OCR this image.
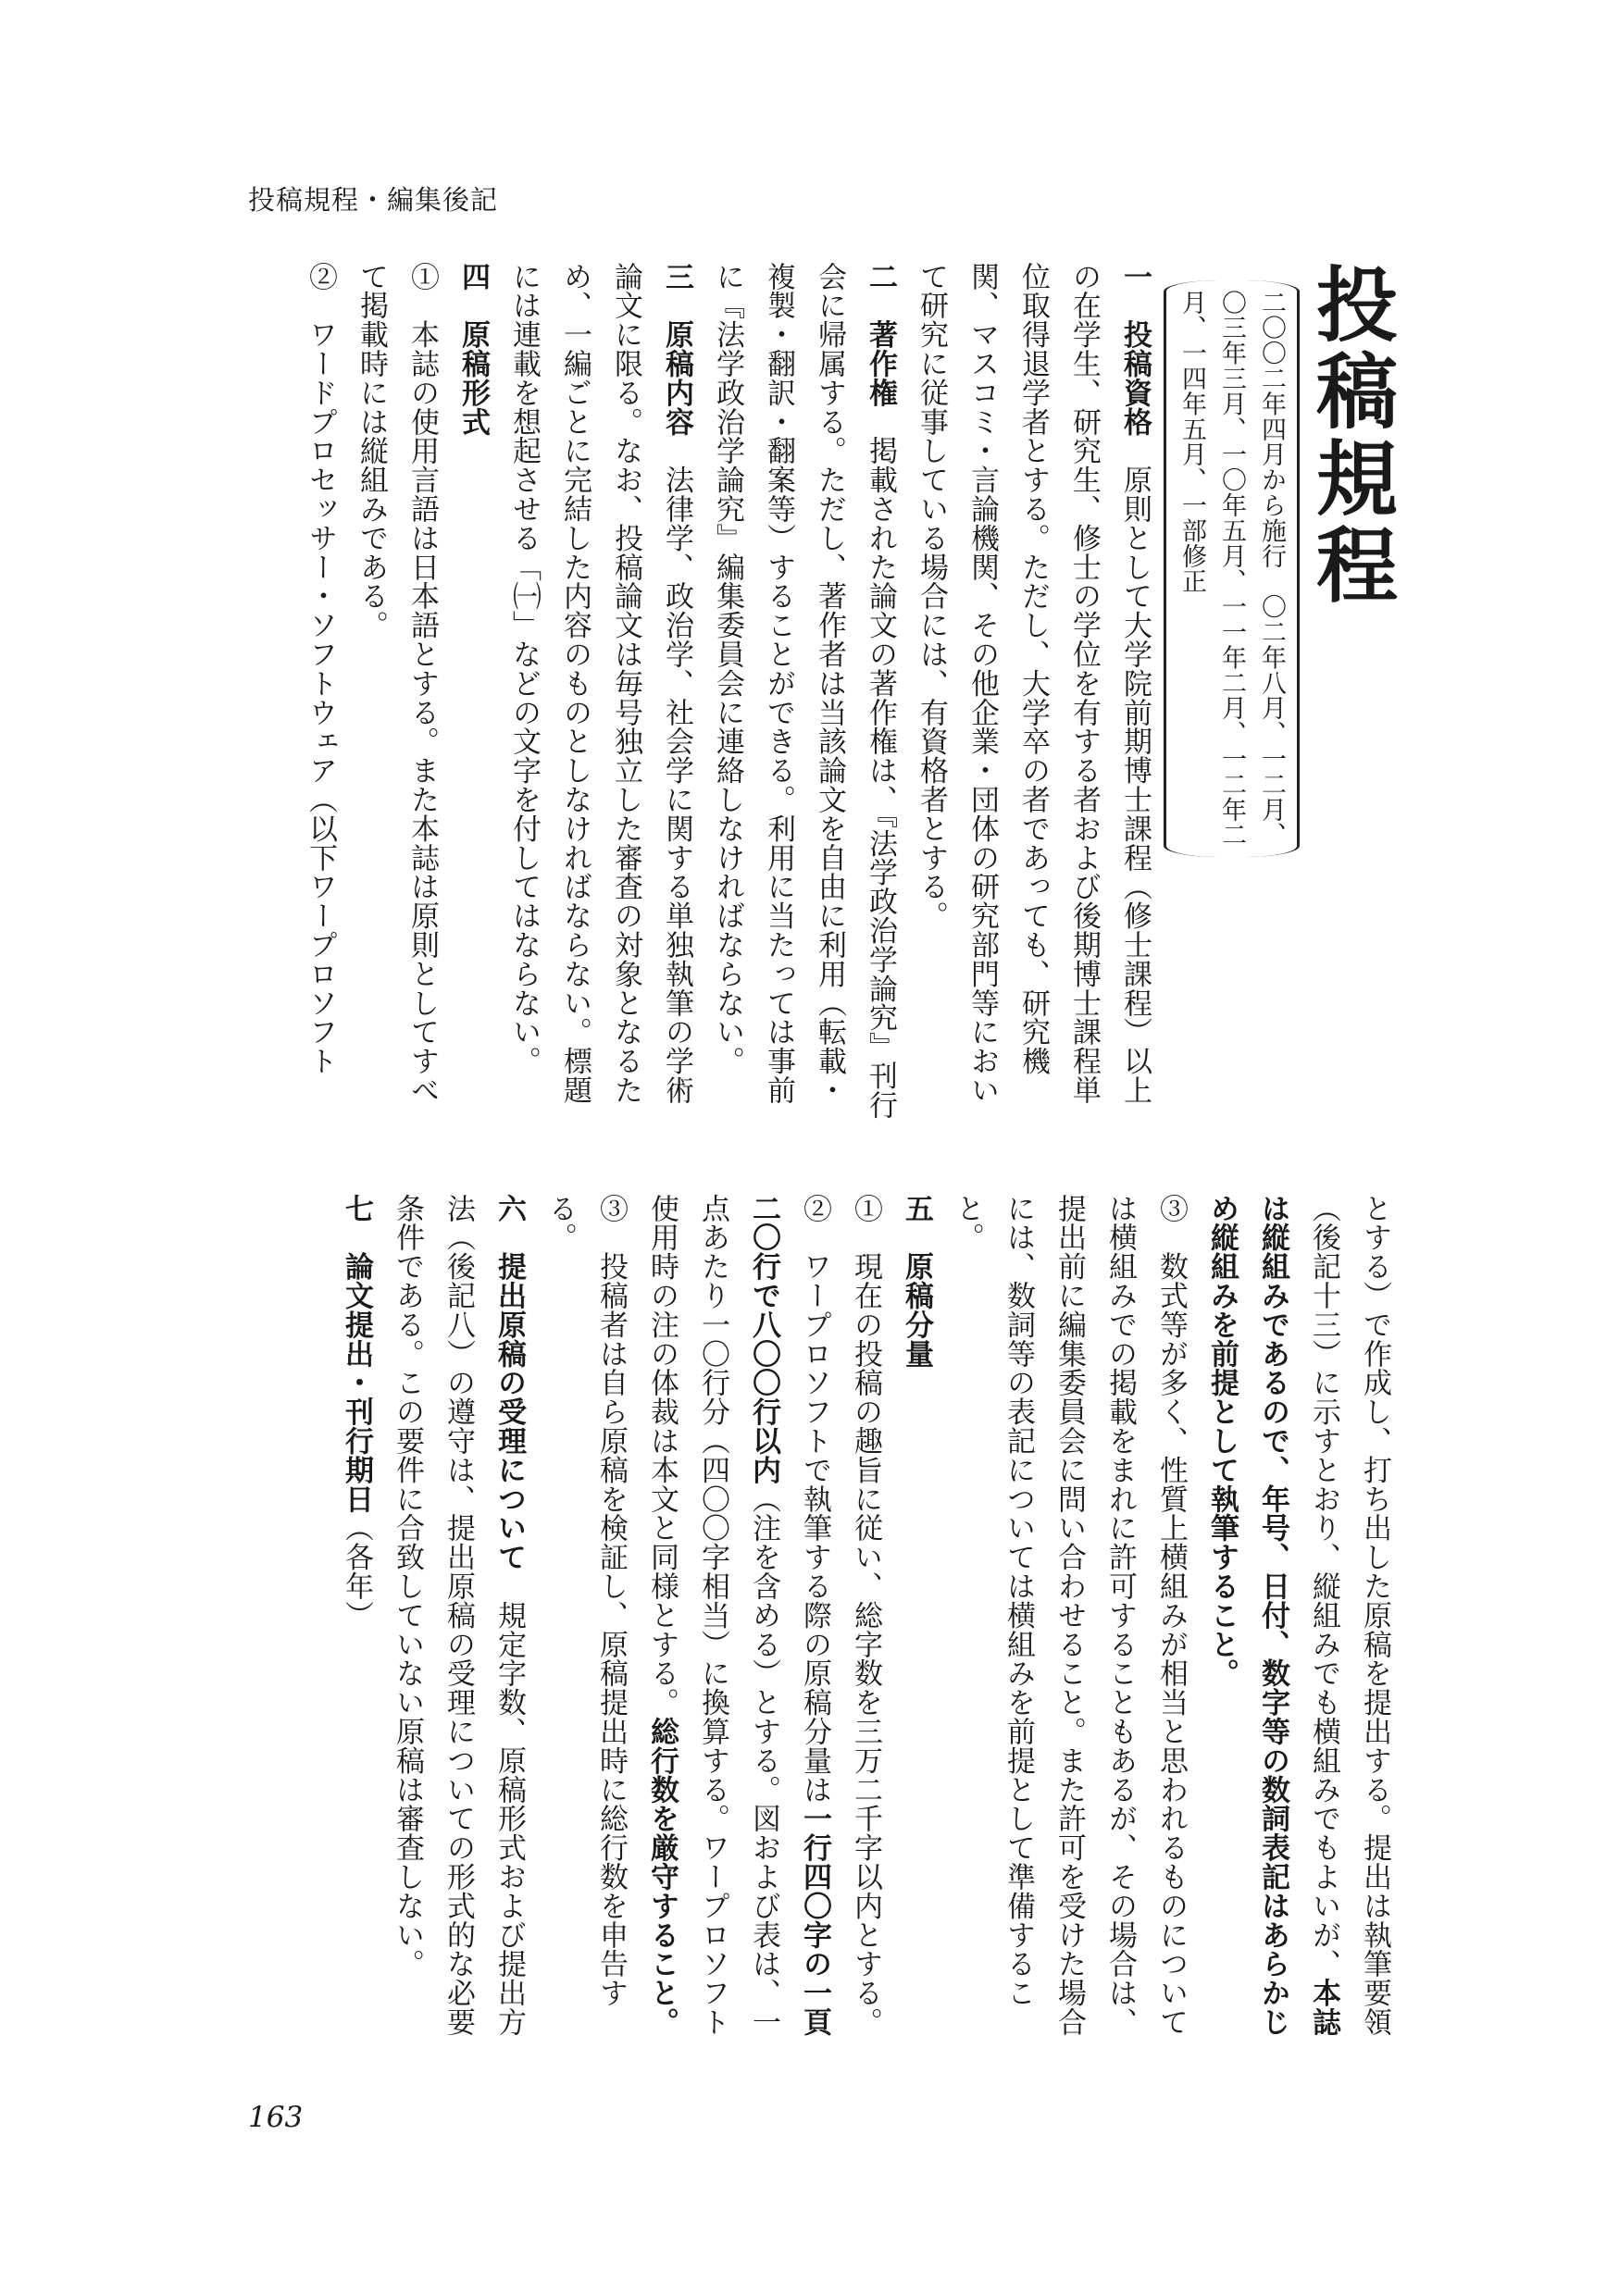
投稿規程・編集後記

投稿規程

二〇〇二年四月から施行　〇二年八月、一二月、

〇三年三月、一〇年五月、一一年二月、一二年二

月、一四年五月、一部修正

一　投稿資格　原則として大学院前期博士課程（修士課程）以上の在学生、研究生、修士の学位を有する者および後期博士課程単位取得退学者とする。ただし、大学卒の者であっても、研究機関、マスコミ・言論機関、その他企業・団体の研究部門等において研究に従事している場合には、有資格者とする。

二　著作権　掲載された論文の著作権は、『法学政治学論究』刊行会に帰属する。ただし、著作者は当該論文を自由に利用（転載・複製・翻訳・翻案等）することができる。利用に当たっては事前に『法学政治学論究』編集委員会に連絡しなければならない。

三　原稿内容　法律学、政治学、社会学に関する単独執筆の学術論文に限る。なお、投稿論文は毎号独立した審査の対象となるため、一編ごとに完結した内容のものとしなければならない。標題には連載を想起させる「㈠」などの文字を付してはならない。

四　原稿形式

①　本誌の使用言語は日本語とする。また本誌は原則としてすべて掲載時には縦組みである。

②　ワードプロセッサー・ソフトウェア（以下ワープロソフト

とする）で作成し、打ち出した原稿を提出する。提出は執筆要領（後記十三）に示すとおり、縦組みでも横組みでもよいが、本誌は縦組みであるので、年号、日付、数字等の数詞表記はあらかじめ縦組みを前提として執筆すること。

③　数式等が多く、性質上横組みが相当と思われるものについては横組みでの掲載をまれに許可することもあるが、その場合は、提出前に編集委員会に問い合わせること。また許可を受けた場合には、数詞等の表記については横組みを前提として準備すること。

五　原稿分量

①　現在の投稿の趣旨に従い、総字数を三万二千字以内とする。

②　ワープロソフトで執筆する際の原稿分量は一行四〇字の一頁二〇行で八〇〇行以内（注を含める）とする。図および表は、一点あたり一〇行分（四〇〇字相当）に換算する。ワープロソフト使用時の注の体裁は本文と同様とする。総行数を厳守すること。

③　投稿者は自ら原稿を検証し、原稿提出時に総行数を申告する。

六　提出原稿の受理について　規定字数、原稿形式および提出方法（後記八）の遵守は、提出原稿の受理についての形式的な必要条件である。この要件に合致していない原稿は審査しない。

七　論文提出・刊行期日（各年）

163
